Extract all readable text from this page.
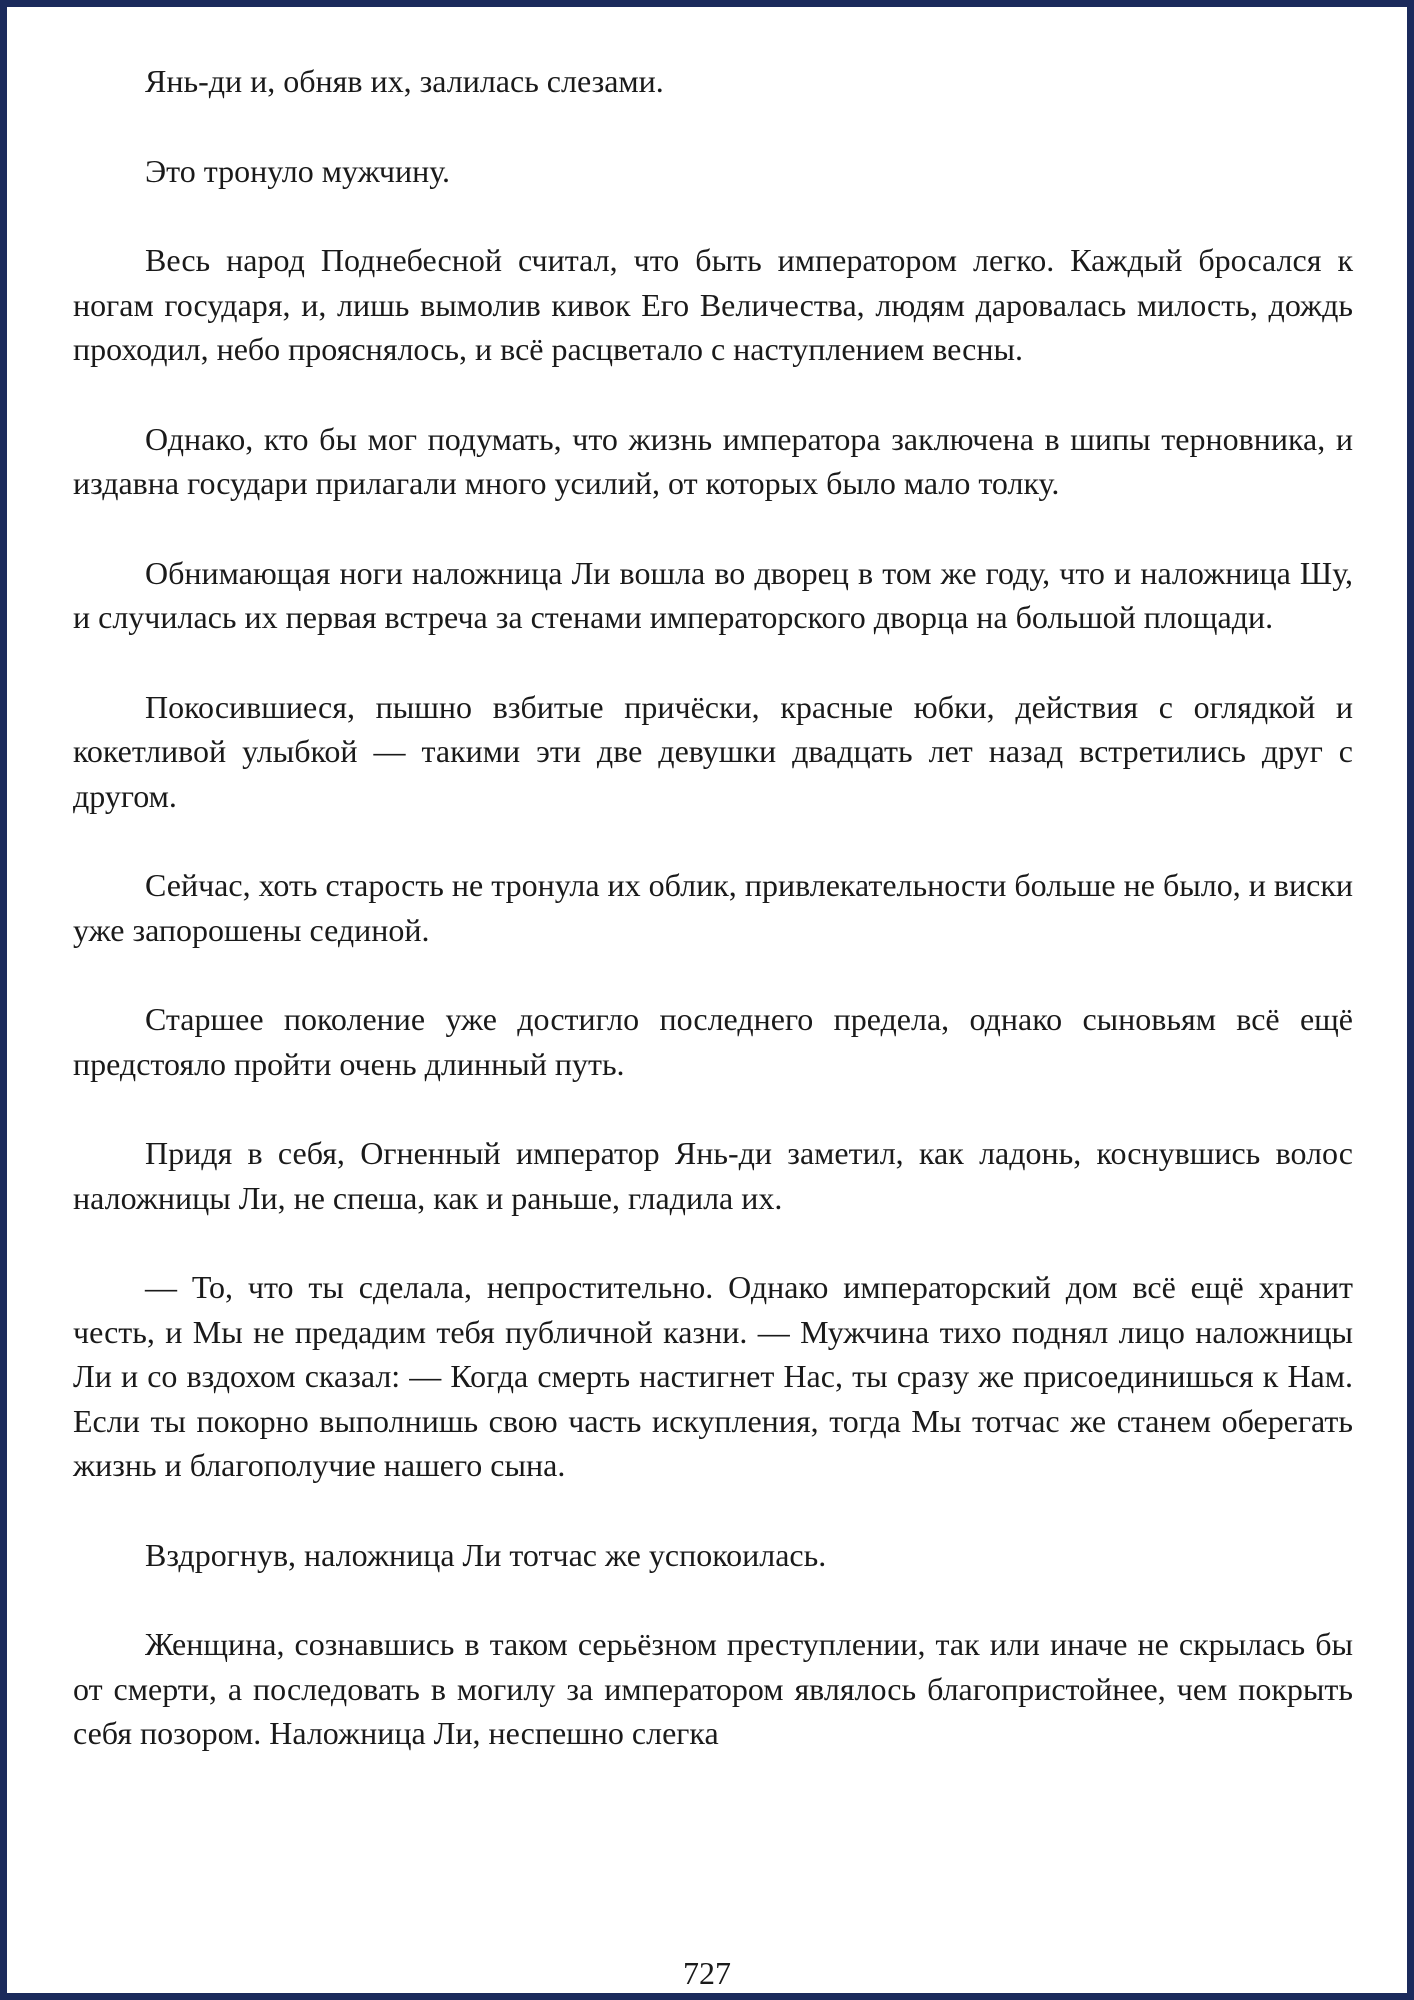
Янь-ди и, обняв их, залилась слезами.

Это тронуло мужчину.

Весь народ Поднебесной считал, что быть императором легко. Каждый бросался к ногам государя, и, лишь вымолив кивок Его Величества, людям даровалась милость, дождь проходил, небо прояснялось, и всё расцветало с наступлением весны.

Однако, кто бы мог подумать, что жизнь императора заключена в шипы терновника, и издавна государи прилагали много усилий, от которых было мало толку.

Обнимающая ноги наложница Ли вошла во дворец в том же году, что и наложница Шу, и случилась их первая встреча за стенами императорского дворца на большой площади.

Покосившиеся, пышно взбитые причёски, красные юбки, действия с оглядкой и кокетливой улыбкой — такими эти две девушки двадцать лет назад встретились друг с другом.

Сейчас, хоть старость не тронула их облик, привлекательности больше не было, и виски уже запорошены сединой.

Старшее поколение уже достигло последнего предела, однако сыновьям всё ещё предстояло пройти очень длинный путь.

Придя в себя, Огненный император Янь-ди заметил, как ладонь, коснувшись волос наложницы Ли, не спеша, как и раньше, гладила их.

— То, что ты сделала, непростительно. Однако императорский дом всё ещё хранит честь, и Мы не предадим тебя публичной казни. — Мужчина тихо поднял лицо наложницы Ли и со вздохом сказал: — Когда смерть настигнет Нас, ты сразу же присоединишься к Нам. Если ты покорно выполнишь свою часть искупления, тогда Мы тотчас же станем оберегать жизнь и благополучие нашего сына.

Вздрогнув, наложница Ли тотчас же успокоилась.

Женщина, сознавшись в таком серьёзном преступлении, так или иначе не скрылась бы от смерти, а последовать в могилу за императором являлось благопристойнее, чем покрыть себя позором. Наложница Ли, неспешно слегка

727
